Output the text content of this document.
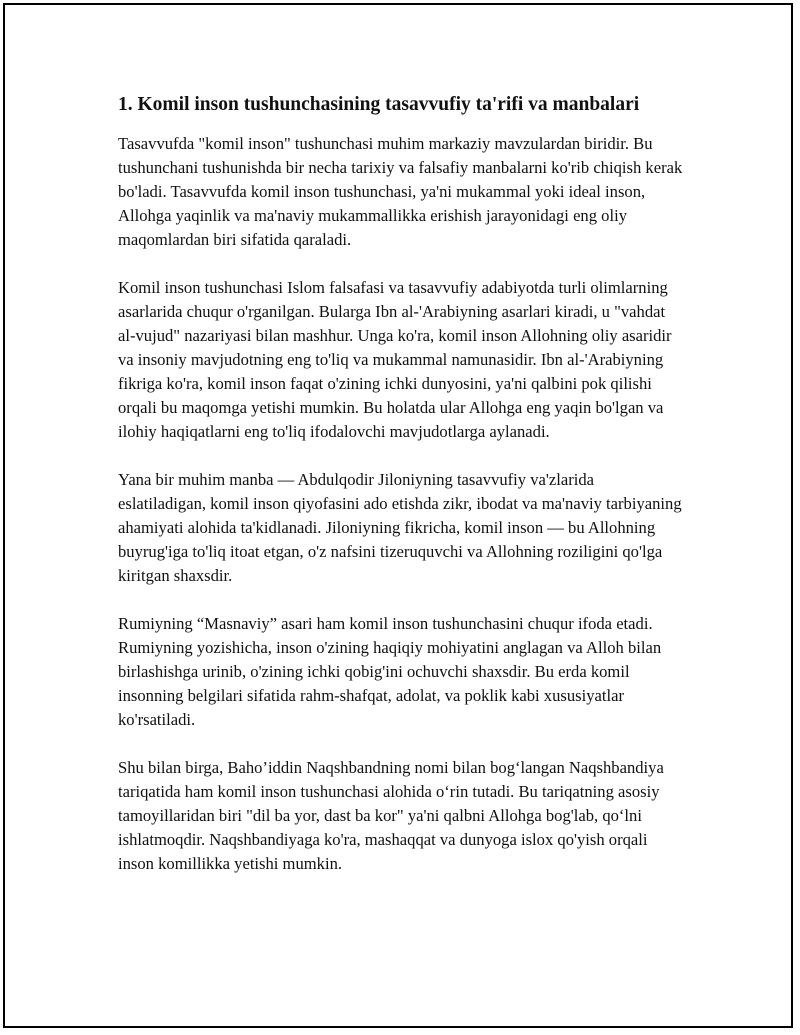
1. Komil inson tushunchasining tasavvufiy ta'rifi va manbalari

Tasavvufda "komil inson" tushunchasi muhim markaziy mavzulardan biridir. Bu tushunchani tushunishda bir necha tarixiy va falsafiy manbalarni ko'rib chiqish kerak bo'ladi. Tasavvufda komil inson tushunchasi, ya'ni mukammal yoki ideal inson, Allohga yaqinlik va ma'naviy mukammallikka erishish jarayonidagi eng oliy maqomlardan biri sifatida qaraladi.

Komil inson tushunchasi Islom falsafasi va tasavvufiy adabiyotda turli olimlarning asarlarida chuqur o'rganilgan. Bularga Ibn al-'Arabiyning asarlari kiradi, u "vahdat al-vujud" nazariyasi bilan mashhur. Unga ko'ra, komil inson Allohning oliy asaridir va insoniy mavjudotning eng to'liq va mukammal namunasidir. Ibn al-'Arabiyning fikriga ko'ra, komil inson faqat o'zining ichki dunyosini, ya'ni qalbini pok qilishi orqali bu maqomga yetishi mumkin. Bu holatda ular Allohga eng yaqin bo'lgan va ilohiy haqiqatlarni eng to'liq ifodalovchi mavjudotlarga aylanadi.

Yana bir muhim manba — Abdulqodir Jiloniyning tasavvufiy va'zlarida eslatiladigan, komil inson qiyofasini ado etishda zikr, ibodat va ma'naviy tarbiyaning ahamiyati alohida ta'kidlanadi. Jiloniyning fikricha, komil inson — bu Allohning buyrug'iga to'liq itoat etgan, o'z nafsini tizeruquvchi va Allohning roziligini qo'lga kiritgan shaxsdir.

Rumiyning “Masnaviy” asari ham komil inson tushunchasini chuqur ifoda etadi. Rumiyning yozishicha, inson o'zining haqiqiy mohiyatini anglagan va Alloh bilan birlashishga urinib, o'zining ichki qobig'ini ochuvchi shaxsdir. Bu erda komil insonning belgilari sifatida rahm-shafqat, adolat, va poklik kabi xususiyatlar ko'rsatiladi.

Shu bilan birga, Baho’iddin Naqshbandning nomi bilan bog‘langan Naqshbandiya tariqatida ham komil inson tushunchasi alohida o‘rin tutadi. Bu tariqatning asosiy tamoyillaridan biri "dil ba yor, dast ba kor" ya'ni qalbni Allohga bog'lab, qo‘lni ishlatmoqdir. Naqshbandiyaga ko'ra, mashaqqat va dunyoga islox qo'yish orqali inson komillikka yetishi mumkin.
